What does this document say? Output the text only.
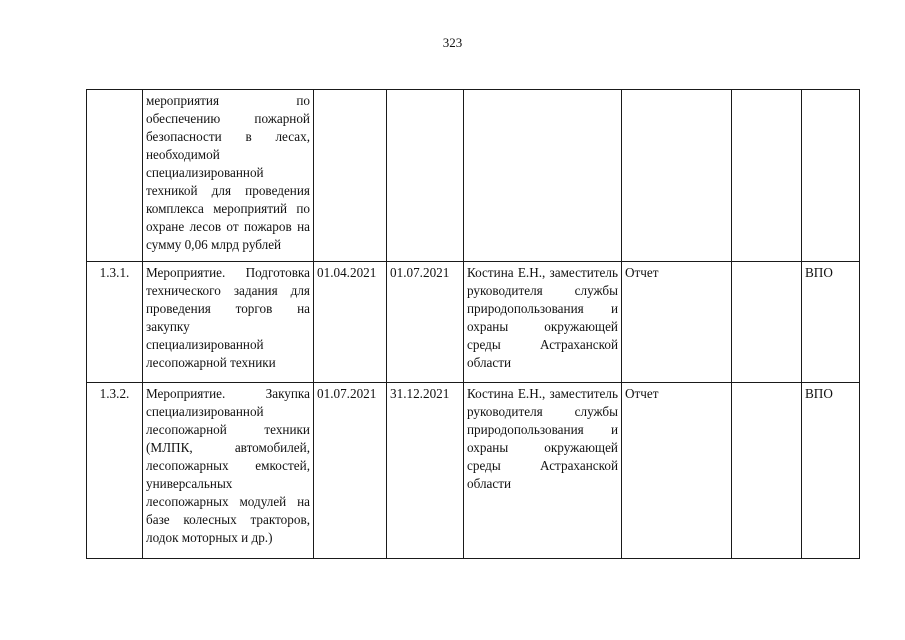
323
	мероприятия по обеспечению пожарной безопасности в лесах, необходимой специализированной техникой для проведения комплекса мероприятий по охране лесов от пожаров на сумму 0,06 млрд рублей						
1.3.1.	Мероприятие. Подготовка технического задания для проведения торгов на закупку специализированной лесопожарной техники	01.04.2021	01.07.2021	Костина Е.Н., заместитель руководителя службы природопользования и охраны окружающей среды Астраханской области	Отчет		ВПО
1.3.2.	Мероприятие. Закупка специализированной лесопожарной техники (МЛПК, автомобилей, лесопожарных емкостей, универсальных лесопожарных модулей на базе колесных тракторов, лодок моторных и др.)	01.07.2021	31.12.2021	Костина Е.Н., заместитель руководителя службы природопользования и охраны окружающей среды Астраханской области	Отчет		ВПО
